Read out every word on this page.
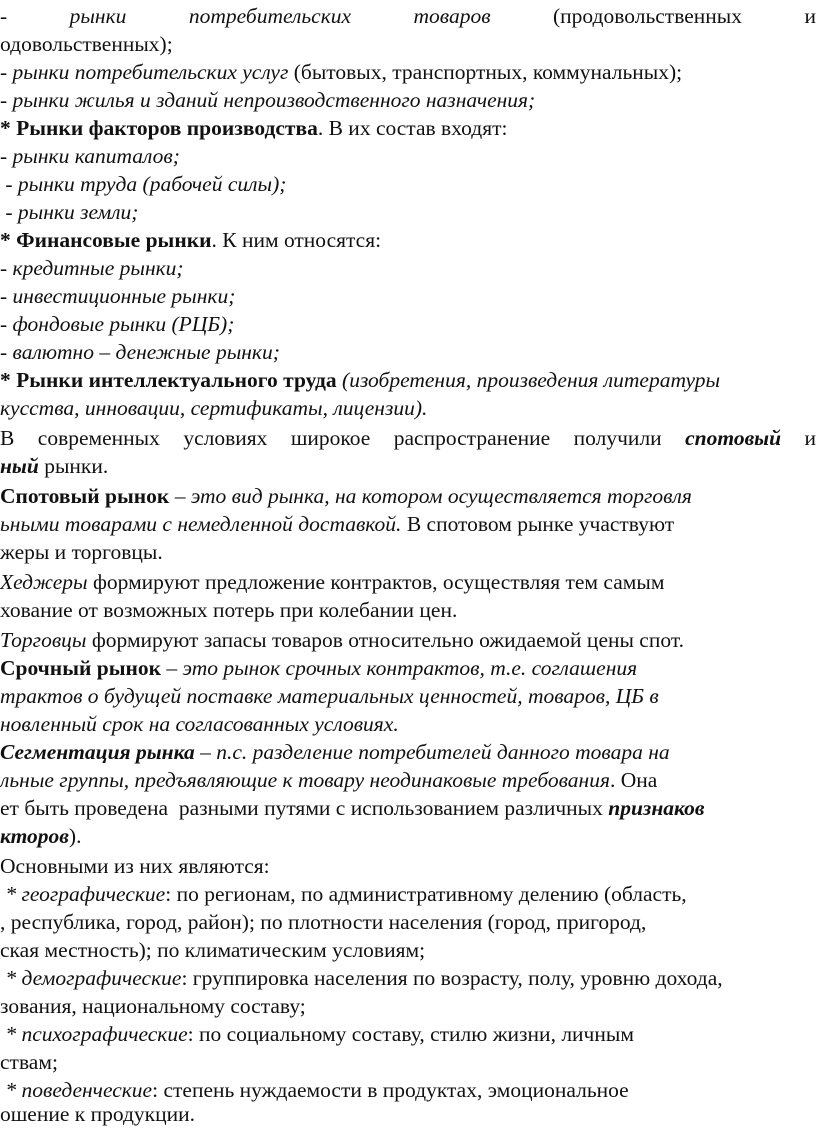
-	рынки	потребительских	товаров	(продовольственных	и
одовольственных);
- рынки потребительских услуг (бытовых, транспортных, коммунальных);
- рынки жилья и зданий непроизводственного назначения;
* Рынки факторов производства. В их состав входят:
- рынки капиталов;
- рынки труда (рабочей силы);
- рынки земли;
* Финансовые рынки. К ним относятся:
- кредитные рынки;
- инвестиционные рынки;
- фондовые рынки (РЦБ);
- валютно – денежные рынки;
* Рынки интеллектуального труда (изобретения, произведения литературы
кусства, инновации, сертификаты, лицензии).
В современных условиях широкое распространение получили спотовый и
ный рынки.
Спотовый рынок – это вид рынка, на котором осуществляется торговля
ьными товарами с немедленной доставкой. В спотовом рынке участвуют
жеры и торговцы.
Хеджеры формируют предложение контрактов, осуществляя тем самым
хование от возможных потерь при колебании цен.
Торговцы формируют запасы товаров относительно ожидаемой цены спот.
Срочный рынок – это рынок срочных контрактов, т.е. соглашения
трактов о будущей поставке материальных ценностей, товаров, ЦБ в
новленный срок на согласованных условиях.
Сегментация рынка – п.с. разделение потребителей данного товара на
льные группы, предъявляющие к товару неодинаковые требования. Она
ет быть проведена  разными путями с использованием различных признаков
кторов).
Основными из них являются:
* географические: по регионам, по административному делению (область,
, республика, город, район); по плотности населения (город, пригород,
ская местность); по климатическим условиям;
* демографические: группировка населения по возрасту, полу, уровню дохода,
зования, национальному составу;
* психографические: по социальному составу, стилю жизни, личным
ствам;
* поведенческие: степень нуждаемости в продуктах, эмоциональное
ошение к продукции.
